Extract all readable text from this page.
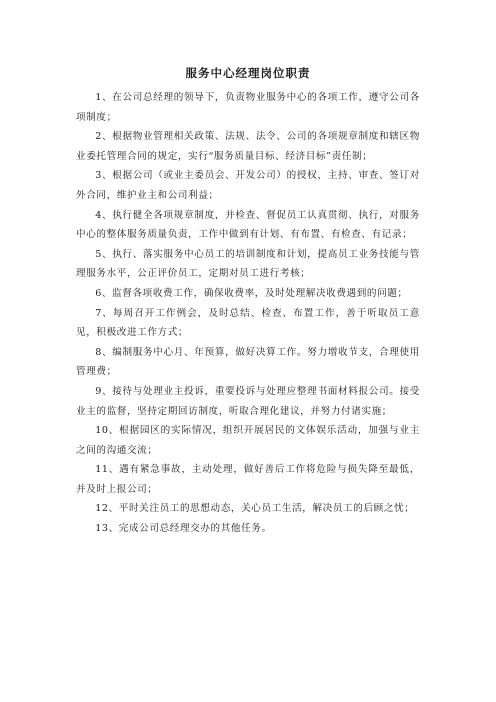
服务中心经理岗位职责

1、在公司总经理的领导下，负责物业服务中心的各项工作，遵守公司各项制度；

2、根据物业管理相关政策、法规、法令、公司的各项规章制度和辖区物业委托管理合同的规定，实行“服务质量目标、经济目标”责任制；

3、根据公司（或业主委员会、开发公司）的授权，主持、审查、签订对外合同，维护业主和公司利益；

4、执行健全各项规章制度，并检查、督促员工认真贯彻、执行，对服务中心的整体服务质量负责，工作中做到有计划、有布置、有检查、有记录；

5、执行、落实服务中心员工的培训制度和计划，提高员工业务技能与管理服务水平，公正评价员工，定期对员工进行考核；

6、监督各项收费工作，确保收费率，及时处理解决收费遇到的问题；

7、每周召开工作例会，及时总结、检查、布置工作，善于听取员工意见，积极改进工作方式；

8、编制服务中心月、年预算，做好决算工作。努力增收节支，合理使用管理费；

9、接待与处理业主投诉，重要投诉与处理应整理书面材料报公司。接受业主的监督，坚持定期回访制度，听取合理化建议，并努力付诸实施；

10、根据园区的实际情况，组织开展居民的文体娱乐活动，加强与业主之间的沟通交流；

11、遇有紧急事故，主动处理，做好善后工作将危险与损失降至最低，并及时上报公司；

12、平时关注员工的思想动态，关心员工生活，解决员工的后顾之忧；

13、完成公司总经理交办的其他任务。
